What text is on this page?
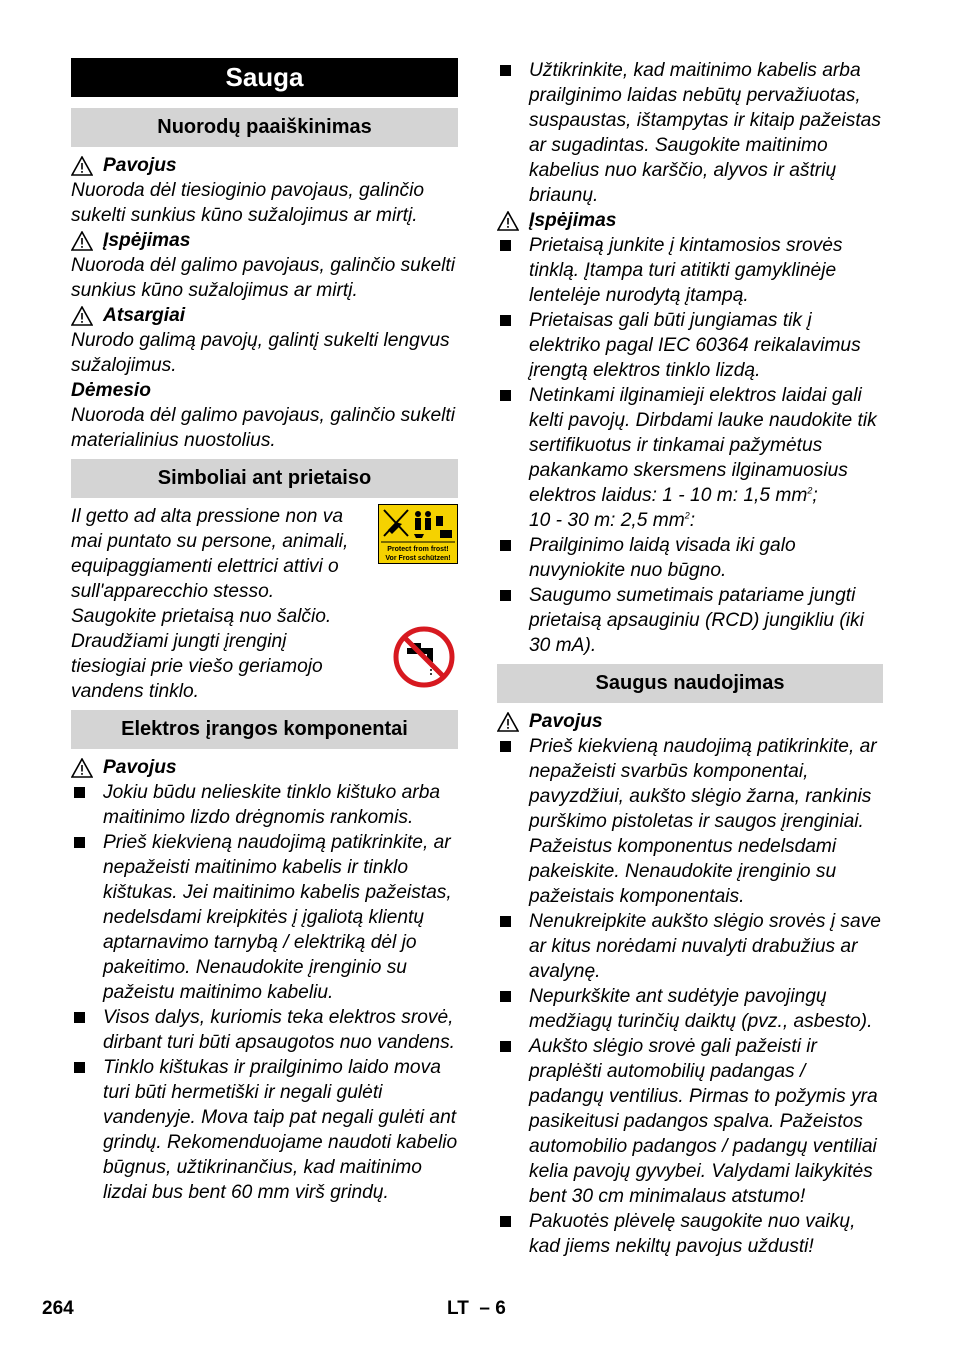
Sauga
Nuorodų paaiškinimas
Pavojus

Nuoroda dėl tiesioginio pavojaus, galinčio sukelti sunkius kūno sužalojimus ar mirtį.

Įspėjimas

Nuoroda dėl galimo pavojaus, galinčio sukelti sunkius kūno sužalojimus ar mirtį.

Atsargiai

Nurodo galimą pavojų, galintį sukelti lengvus sužalojimus.

Dėmesio

Nuoroda dėl galimo pavojaus, galinčio sukelti materialinius nuostolius.

Simboliai ant prietaiso

Il getto ad alta pressione non va mai puntato su persone, animali, equipaggiamenti elettrici attivi o sull'apparecchio stesso.

Saugokite prietaisą nuo šalčio.

Draudžiami jungti įrenginį tiesiogiai prie viešo geriamojo vandens tinklo.

Protect from frost!
Vor Frost schützen!
Elektros įrangos komponentai
Pavojus
Jokiu būdu nelieskite tinklo kištuko arba maitinimo lizdo drėgnomis rankomis.
Prieš kiekvieną naudojimą patikrinkite, ar nepažeisti maitinimo kabelis ir tinklo kištukas. Jei maitinimo kabelis pažeistas, nedelsdami kreipkitės į įgaliotą klientų aptarnavimo tarnybą / elektriką dėl jo pakeitimo. Nenaudokite įrenginio su pažeistu maitinimo kabeliu.
Visos dalys, kuriomis teka elektros srovė, dirbant turi būti apsaugotos nuo vandens.
Tinklo kištukas ir prailginimo laido mova turi būti hermetiški ir negali gulėti vandenyje. Mova taip pat negali gulėti ant grindų. Rekomenduojame naudoti kabelio būgnus, užtikrinančius, kad maitinimo lizdai bus bent 60 mm virš grindų.
Užtikrinkite, kad maitinimo kabelis arba prailginimo laidas nebūtų pervažiuotas, suspaustas, ištampytas ir kitaip pažeistas ar sugadintas. Saugokite maitinimo kabelius nuo karščio, alyvos ir aštrių briaunų.
Įspėjimas
Prietaisą junkite į kintamosios srovės tinklą. Įtampa turi atitikti gamyklinėje lentelėje nurodytą įtampą.
Prietaisas gali būti jungiamas tik į elektriko pagal IEC 60364 reikalavimus įrengtą elektros tinklo lizdą.
Netinkami ilginamieji elektros laidai gali kelti pavojų. Dirbdami lauke naudokite tik sertifikuotus ir tinkamai pažymėtus pakankamo skersmens ilginamuosius elektros laidus: 1 - 10 m: 1,5 $mm^2$;
10 - 30 m: 2,5 $mm^2$:
Prailginimo laidą visada iki galo nuvyniokite nuo būgno.
Saugumo sumetimais patariame jungti prietaisą apsauginiu (RCD) jungikliu (iki 30 mA).
Saugus naudojimas
Pavojus
Prieš kiekvieną naudojimą patikrinkite, ar nepažeisti svarbūs komponentai, pavyzdžiui, aukšto slėgio žarna, rankinis purškimo pistoletas ir saugos įrenginiai. Pažeistus komponentus nedelsdami pakeiskite. Nenaudokite įrenginio su pažeistais komponentais.
Nenukreipkite aukšto slėgio srovės į save ar kitus norėdami nuvalyti drabužius ar avalynę.
Nepurkškite ant sudėtyje pavojingų medžiagų turinčių daiktų (pvz., asbesto).
Aukšto slėgio srovė gali pažeisti ir praplėšti automobilių padangas / padangų ventilius. Pirmas to požymis yra pasikeitusi padangos spalva. Pažeistos automobilio padangos / padangų ventiliai kelia pavojų gyvybei. Valydami laikykitės bent 30 cm minimalaus atstumo!
Pakuotės plėvelę saugokite nuo vaikų, kad jiems nekiltų pavojus uždusti!
264	LT – 6
